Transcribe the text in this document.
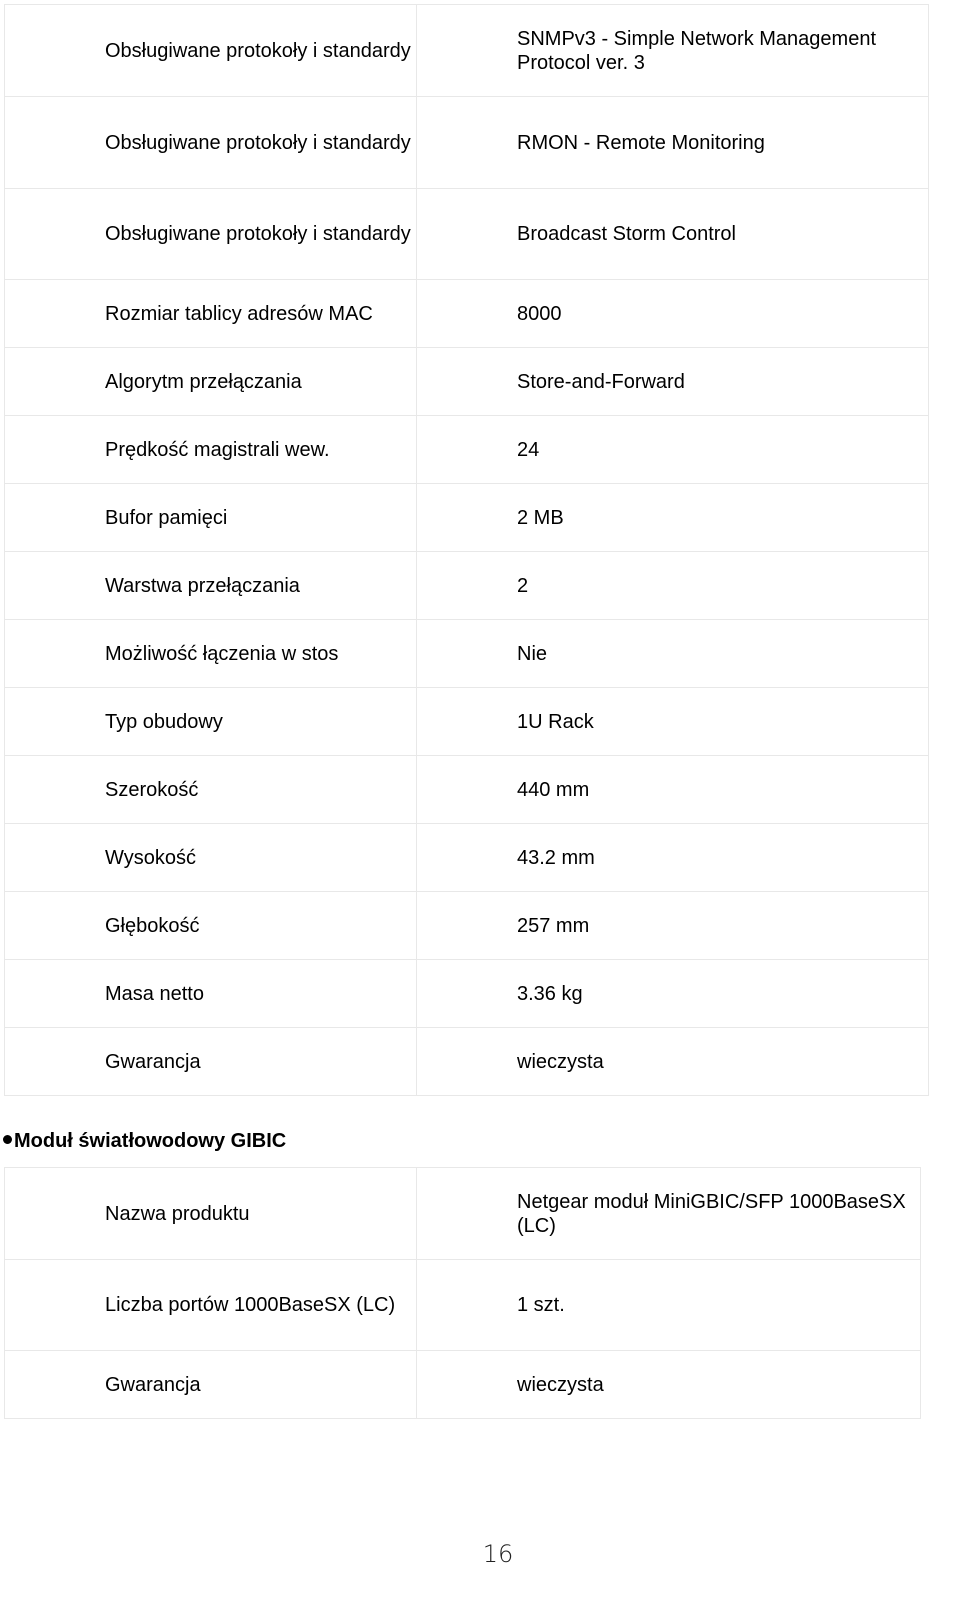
Obsługiwane protokoły i standardy	SNMPv3 - Simple Network Management Protocol ver. 3
Obsługiwane protokoły i standardy	RMON - Remote Monitoring
Obsługiwane protokoły i standardy	Broadcast Storm Control
Rozmiar tablicy adresów MAC	8000
Algorytm przełączania	Store-and-Forward
Prędkość magistrali wew.	24
Bufor pamięci	2 MB
Warstwa przełączania	2
Możliwość łączenia w stos	Nie
Typ obudowy	1U Rack
Szerokość	440 mm
Wysokość	43.2 mm
Głębokość	257 mm
Masa netto	3.36 kg
Gwarancja	wieczysta
Moduł światłowodowy GIBIC
Nazwa produktu	Netgear moduł MiniGBIC/SFP 1000BaseSX (LC)
Liczba portów 1000BaseSX (LC)	1 szt.
Gwarancja	wieczysta
16
